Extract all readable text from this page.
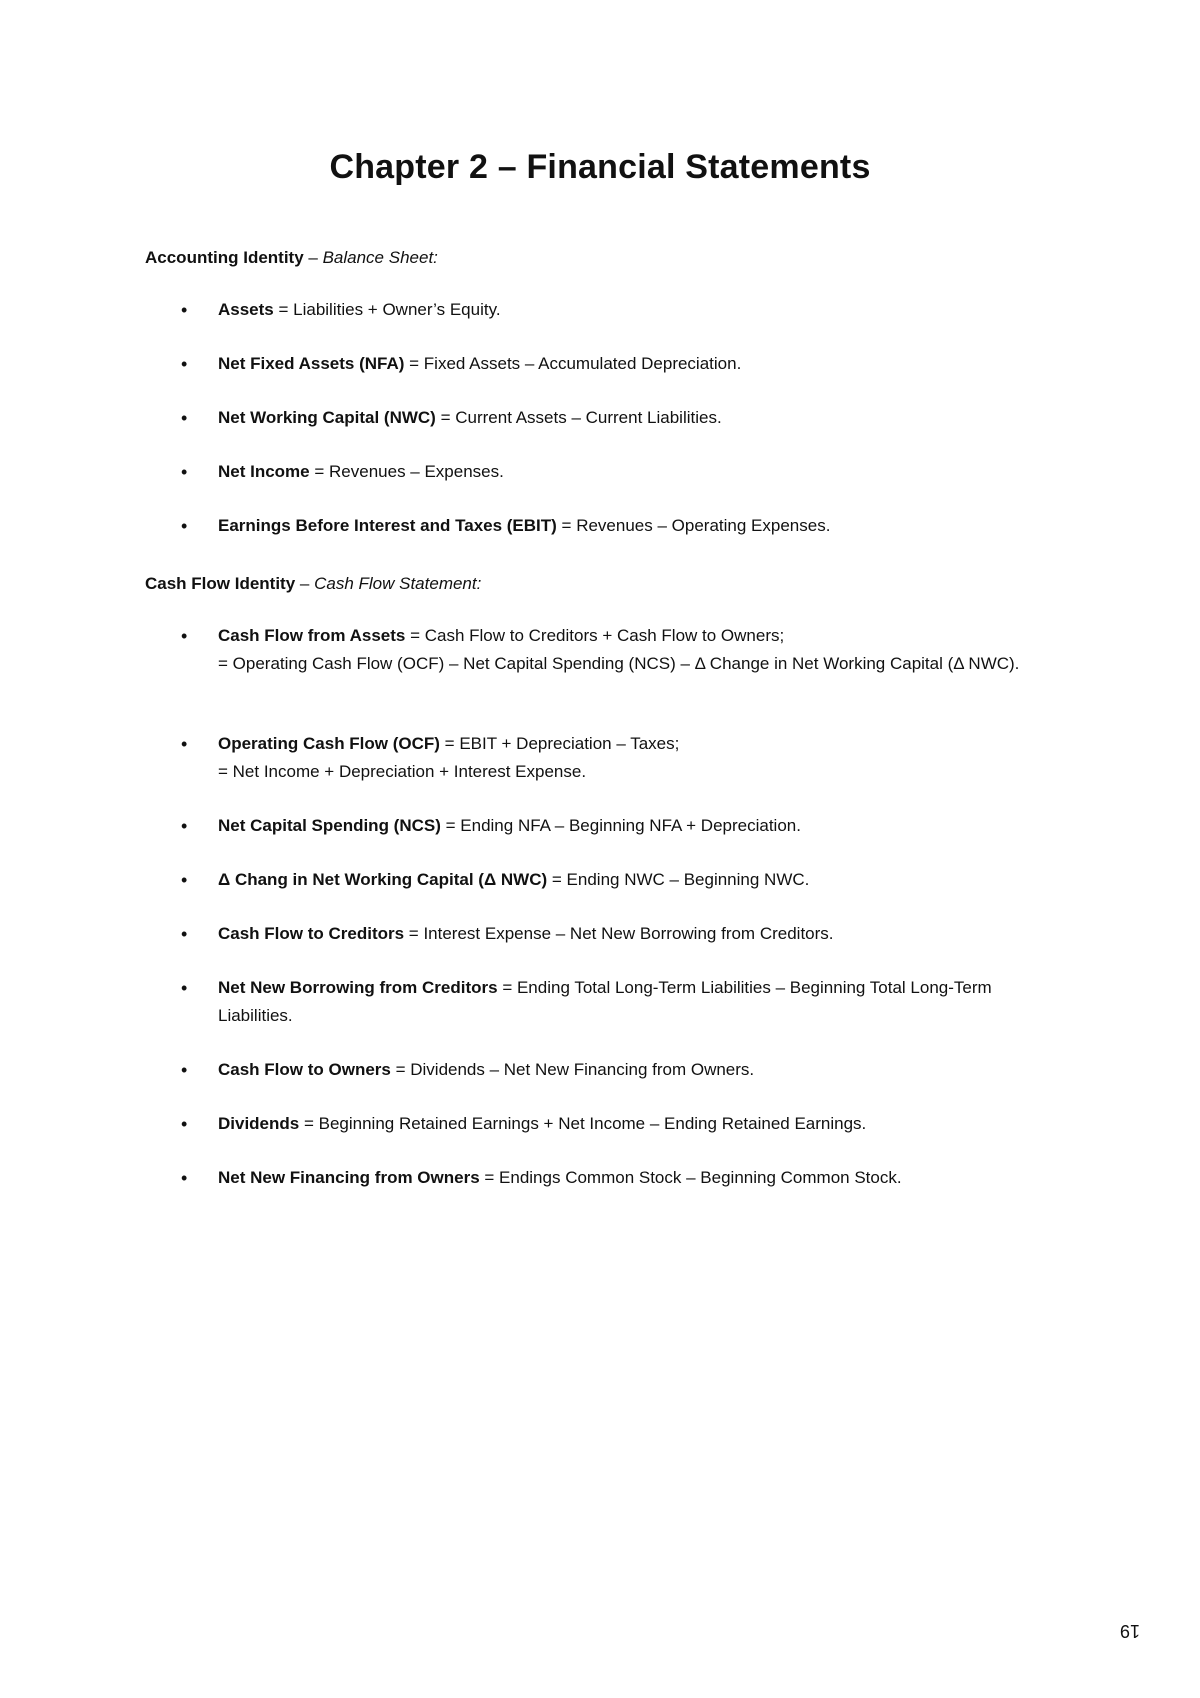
Chapter 2 – Financial Statements
Accounting Identity – Balance Sheet:
•	Assets = Liabilities + Owner’s Equity.
•	Net Fixed Assets (NFA) = Fixed Assets – Accumulated Depreciation.
•	Net Working Capital (NWC) = Current Assets – Current Liabilities.
•	Net Income = Revenues – Expenses.
•	Earnings Before Interest and Taxes (EBIT) = Revenues – Operating Expenses.
Cash Flow Identity – Cash Flow Statement:
•	Cash Flow from Assets = Cash Flow to Creditors + Cash Flow to Owners;
= Operating Cash Flow (OCF) – Net Capital Spending (NCS) – Δ Change in Net Working Capital (Δ NWC).
•	Operating Cash Flow (OCF) = EBIT + Depreciation – Taxes;
= Net Income + Depreciation + Interest Expense.
•	Net Capital Spending (NCS) = Ending NFA – Beginning NFA + Depreciation.
•	Δ Chang in Net Working Capital (Δ NWC) = Ending NWC – Beginning NWC.
•	Cash Flow to Creditors = Interest Expense – Net New Borrowing from Creditors.
•	Net New Borrowing from Creditors = Ending Total Long-Term Liabilities – Beginning Total Long-Term Liabilities.
•	Cash Flow to Owners = Dividends – Net New Financing from Owners.
•	Dividends = Beginning Retained Earnings + Net Income – Ending Retained Earnings.
•	Net New Financing from Owners = Endings Common Stock – Beginning Common Stock.
19
